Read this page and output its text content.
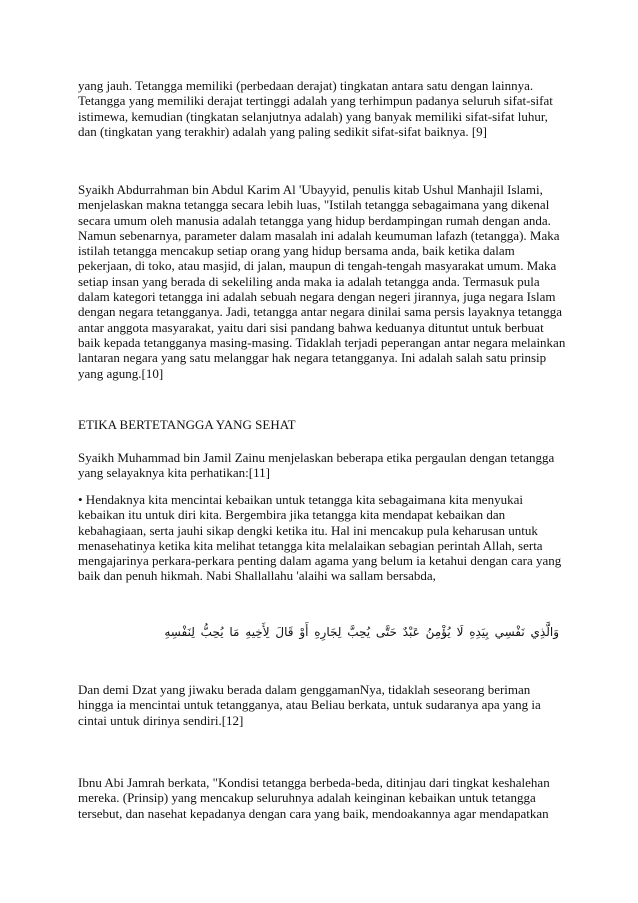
yang jauh. Tetangga memiliki (perbedaan derajat) tingkatan antara satu dengan lainnya.
Tetangga yang memiliki derajat tertinggi adalah yang terhimpun padanya seluruh sifat-sifat
istimewa, kemudian (tingkatan selanjutnya adalah) yang banyak memiliki sifat-sifat luhur,
dan (tingkatan yang terakhir) adalah yang paling sedikit sifat-sifat baiknya. [9]
Syaikh Abdurrahman bin Abdul Karim Al 'Ubayyid, penulis kitab Ushul Manhajil Islami,
menjelaskan makna tetangga secara lebih luas, "Istilah tetangga sebagaimana yang dikenal
secara umum oleh manusia adalah tetangga yang hidup berdampingan rumah dengan anda.
Namun sebenarnya, parameter dalam masalah ini adalah keumuman lafazh (tetangga). Maka
istilah tetangga mencakup setiap orang yang hidup bersama anda, baik ketika dalam
pekerjaan, di toko, atau masjid, di jalan, maupun di tengah-tengah masyarakat umum. Maka
setiap insan yang berada di sekeliling anda maka ia adalah tetangga anda. Termasuk pula
dalam kategori tetangga ini adalah sebuah negara dengan negeri jirannya, juga negara Islam
dengan negara tetangganya. Jadi, tetangga antar negara dinilai sama persis layaknya tetangga
antar anggota masyarakat, yaitu dari sisi pandang bahwa keduanya dituntut untuk berbuat
baik kepada tetangganya masing-masing. Tidaklah terjadi peperangan antar negara melainkan
lantaran negara yang satu melanggar hak negara tetangganya. Ini adalah salah satu prinsip
yang agung.[10]
ETIKA BERTETANGGA YANG SEHAT
Syaikh Muhammad bin Jamil Zainu menjelaskan beberapa etika pergaulan dengan tetangga
yang selayaknya kita perhatikan:[11]
• Hendaknya kita mencintai kebaikan untuk tetangga kita sebagaimana kita menyukai
kebaikan itu untuk diri kita. Bergembira jika tetangga kita mendapat kebaikan dan
kebahagiaan, serta jauhi sikap dengki ketika itu. Hal ini mencakup pula keharusan untuk
menasehatinya ketika kita melihat tetangga kita melalaikan sebagian perintah Allah, serta
mengajarinya perkara-perkara penting dalam agama yang belum ia ketahui dengan cara yang
baik dan penuh hikmah. Nabi Shallallahu 'alaihi wa sallam bersabda,
وَالَّذِي نَفْسِي بِيَدِهِ لَا يُؤْمِنُ عَبْدٌ حَتَّى يُحِبَّ لِجَارِهِ أَوْ قَالَ لِأَخِيهِ مَا يُحِبُّ لِنَفْسِهِ
Dan demi Dzat yang jiwaku berada dalam genggamanNya, tidaklah seseorang beriman
hingga ia mencintai untuk tetangganya, atau Beliau berkata, untuk sudaranya apa yang ia
cintai untuk dirinya sendiri.[12]
Ibnu Abi Jamrah berkata, "Kondisi tetangga berbeda-beda, ditinjau dari tingkat keshalehan
mereka. (Prinsip) yang mencakup seluruhnya adalah keinginan kebaikan untuk tetangga
tersebut, dan nasehat kepadanya dengan cara yang baik, mendoakannya agar mendapatkan
